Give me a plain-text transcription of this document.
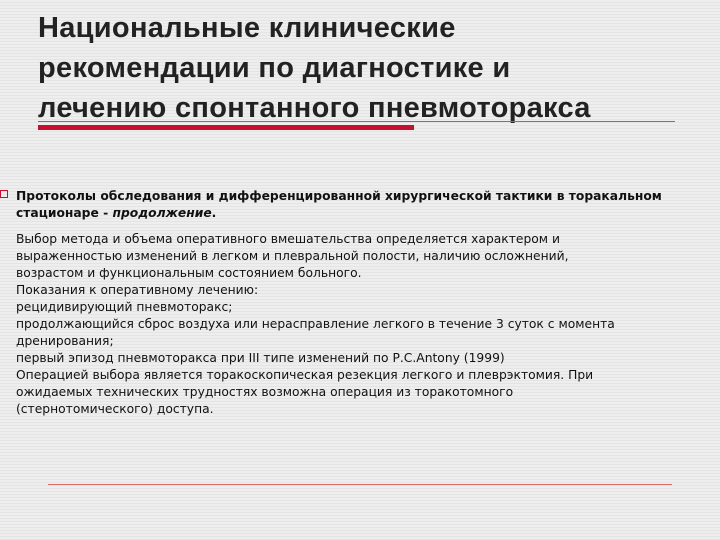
Национальные клинические
рекомендации по диагностике и
лечению спонтанного пневмоторакса

Протоколы обследования и дифференцированной хирургической тактики в торакальном стационаре - продолжение.

Выбор метода и объема оперативного вмешательства определяется характером и
выраженностью изменений в легком и плевральной полости, наличию осложнений,
возрастом и функциональным состоянием больного.
Показания к оперативному лечению:
рецидивирующий пневмоторакс;
продолжающийся сброс воздуха или нерасправление легкого в течение 3 суток с момента
дренирования;
первый эпизод пневмоторакса при III типе изменений по Р.С.Antony (1999)
Операцией выбора является торакоскопическая резекция легкого и плеврэктомия. При
ожидаемых технических трудностях возможна операция из торакотомного
(стернотомического) доступа.
